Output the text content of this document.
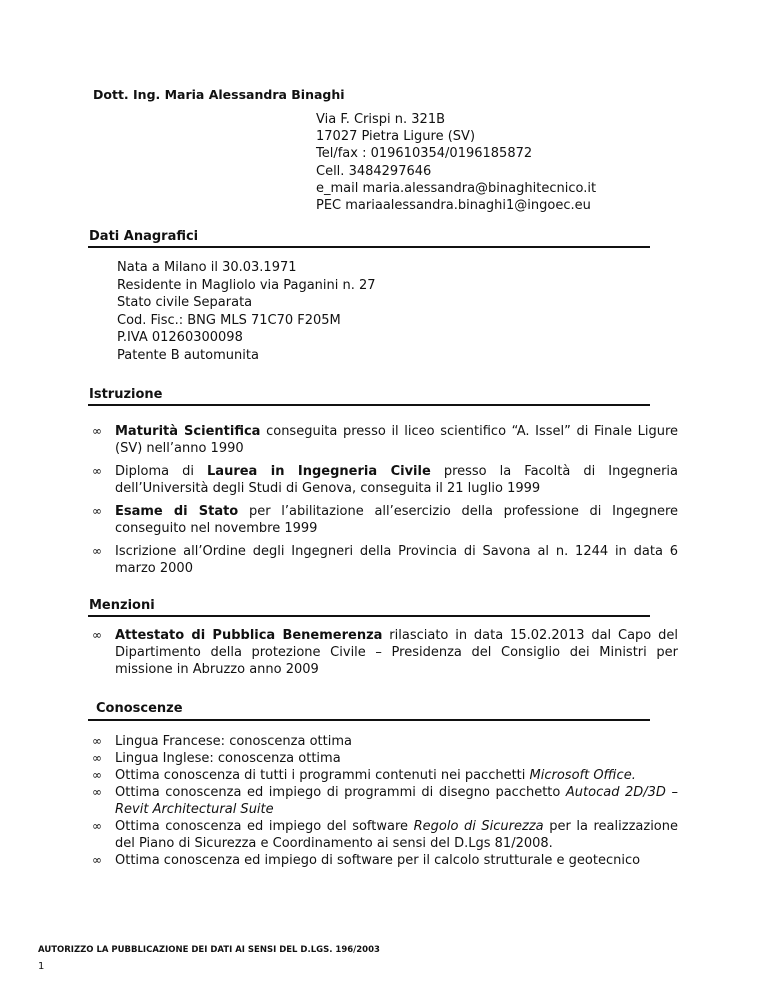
Dott. Ing. Maria Alessandra Binaghi
Via F. Crispi n. 321B
17027 Pietra Ligure (SV)
Tel/fax : 019610354/0196185872
Cell. 3484297646
e_mail maria.alessandra@binaghitecnico.it
PEC mariaalessandra.binaghi1@ingoec.eu
Dati Anagrafici
Nata a Milano il 30.03.1971
Residente in Magliolo via Paganini n. 27
Stato civile Separata
Cod. Fisc.: BNG MLS 71C70 F205M
P.IVA 01260300098
Patente B automunita
Istruzione
∞ Maturità Scientifica conseguita presso il liceo scientifico “A. Issel” di Finale Ligure (SV) nell’anno 1990
∞ Diploma di Laurea in Ingegneria Civile presso la Facoltà di Ingegneria dell’Università degli Studi di Genova, conseguita il 21 luglio 1999
∞ Esame di Stato per l’abilitazione all’esercizio della professione di Ingegnere conseguito nel novembre 1999
∞ Iscrizione all’Ordine degli Ingegneri della Provincia di Savona al n. 1244 in data 6 marzo 2000
Menzioni
∞ Attestato di Pubblica Benemerenza rilasciato in data 15.02.2013 dal Capo del Dipartimento della protezione Civile – Presidenza del Consiglio dei Ministri per missione in Abruzzo anno 2009
Conoscenze
∞ Lingua Francese: conoscenza ottima
∞ Lingua Inglese: conoscenza ottima
∞ Ottima conoscenza di tutti i programmi contenuti nei pacchetti Microsoft Office.
∞ Ottima conoscenza ed impiego di programmi di disegno pacchetto Autocad 2D/3D – Revit Architectural Suite
∞ Ottima conoscenza ed impiego del software Regolo di Sicurezza per la realizzazione del Piano di Sicurezza e Coordinamento ai sensi del D.Lgs 81/2008.
∞ Ottima conoscenza ed impiego di software per il calcolo strutturale e geotecnico
AUTORIZZO LA PUBBLICAZIONE DEI DATI AI SENSI DEL D.LGS. 196/2003
1
